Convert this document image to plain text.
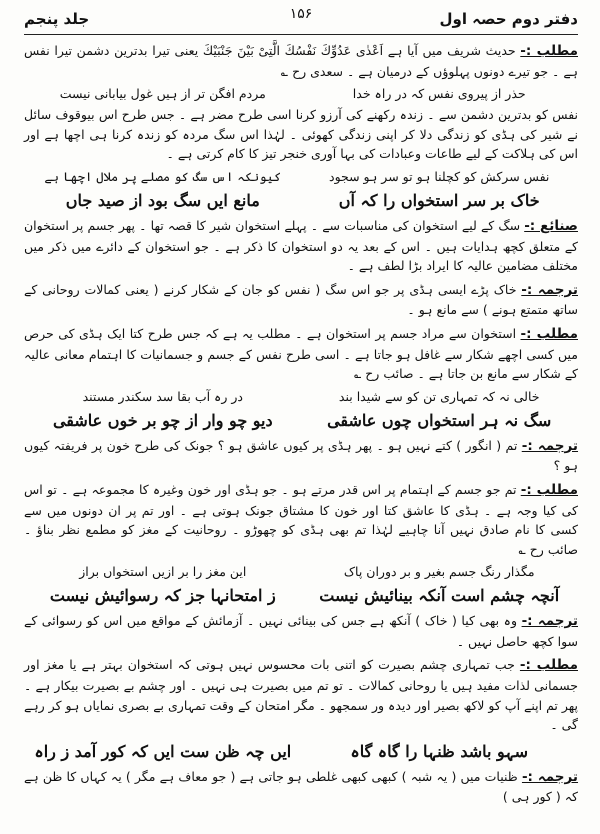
دفتر دوم حصہ اول
۱۵۶
جلد پنجم

مطلب :- حدیث شریف میں آیا ہے اَعْدٰی عَدُوِّكَ نَفْسُكَ الَّتِیْ بَیْنَ جَنْبَیْكَ یعنی تیرا بدترین دشمن تیرا نفس ہے ۔ جو تیرے دونوں پہلوؤں کے درمیان ہے ۔ سعدی رح ؎

حذر از پیروی نفس کہ در راہ خدا
مردم افگن تر از ہیں غول بیابانی نیست

نفس کو بدترین دشمن سے ۔ زندہ رکھنے کی آرزو کرنا اسی طرح مضر ہے ۔ جس طرح اس بیوقوف سائل نے شیر کی ہڈی کو زندگی دلا کر اپنی زندگی کھوئی ۔ لہٰذا اس سگ مردہ کو زندہ کرنا ہی اچھا ہے اور اس کی ہلاکت کے لیے طاعات وعبادات کی بہا آوری خنجر تیز کا کام کرتی ہے ۔

نفس سرکش کو کچلنا ہو تو سر ہو سجود
کیونکہ اس سگ کو مصلے پر ملال اچھا ہے
خاک بر سر استخواں را کہ آں
مانع ایں سگ بود از صید جاں

صنائع :- سگ کے لیے استخوان کی مناسبات سے ۔ پہلے استخوان شیر کا قصہ تھا ۔ پھر جسم پر استخوان کے متعلق کچھ ہدایات ہیں ۔ اس کے بعد یہ دو استخوان کا ذکر ہے ۔ جو استخوان کے دائرے میں ذکر میں مختلف مضامین عالیہ کا ایراد بڑا لطف ہے ۔

ترجمہ :- خاک پڑے ایسی ہڈی پر جو اس سگ ( نفس کو جان کے شکار کرنے ( یعنی کمالات روحانی کے ساتھ متمتع ہونے ) سے مانع ہو ۔

مطلب :- استخوان سے مراد جسم پر استخوان ہے ۔ مطلب یہ ہے کہ جس طرح کتا ایک ہڈی کی حرص میں کسی اچھے شکار سے غافل ہو جاتا ہے ۔ اسی طرح نفس کے جسم و جسمانیات کا اہتمام معانی عالیہ کے شکار سے مانع بن جاتا ہے ۔ صائب رح ؎

خالی نہ کہ تمہاری تن کو سے شیدا بند
در رہ آب بقا سد سکندر مستند
سگ نہ ہر استخواں چوں عاشقی
دیو چو وار از چو بر خوں عاشقی

ترجمہ :- تم ( انگور ) کتے نہیں ہو ۔ پھر ہڈی پر کیوں عاشق ہو ؟ جونک کی طرح خون پر فریفتہ کیوں ہو ؟

مطلب :- تم جو جسم کے اہتمام پر اس قدر مرتے ہو ۔ جو ہڈی اور خون وغیرہ کا مجموعہ ہے ۔ تو اس کی کیا وجہ ہے ۔ ہڈی کا عاشق کتا اور خون کا مشتاق جونک ہوتی ہے ۔ اور تم پر ان دونوں میں سے کسی کا نام صادق نہیں آنا چاہیے لہٰذا تم بھی ہڈی کو چھوڑو ۔ روحانیت کے مغز کو مطمع نظر بناؤ ۔ صائب رح ؎

مگذار رنگ جسم بغیر و بر دوران پاک
این مغز را بر ازیں استخواں براز
آنچہ چشم است آنکہ بینائیش نیست
ز امتحانہا جز کہ رسوائیش نیست

ترجمہ :- وہ بھی کیا ( خاک ) آنکھ ہے جس کی بینائی نہیں ۔ آزمائش کے مواقع میں اس کو رسوائی کے سوا کچھ حاصل نہیں ۔

مطلب :- جب تمہاری چشم بصیرت کو اتنی بات محسوس نہیں ہوتی کہ استخوان بہتر ہے یا مغز اور جسمانی لذات مفید ہیں یا روحانی کمالات ۔ تو تم میں بصیرت ہی نہیں ۔ اور چشم بے بصیرت بیکار ہے ۔ پھر تم اپنے آپ کو لاکھ بصیر اور دیدہ ور سمجھو ۔ مگر امتحان کے وقت تمہاری بے بصری نمایاں ہو کر رہے گی ۔

سہو باشد ظنہا را گاہ گاہ
ایں چہ ظن ست ایں کہ کور آمد ز راہ

ترجمہ :- ظنیات میں ( یہ شبہ ) کبھی کبھی غلطی ہو جاتی ہے ( جو معاف ہے مگر ) یہ کہاں کا ظن ہے کہ ( کور ہی )
